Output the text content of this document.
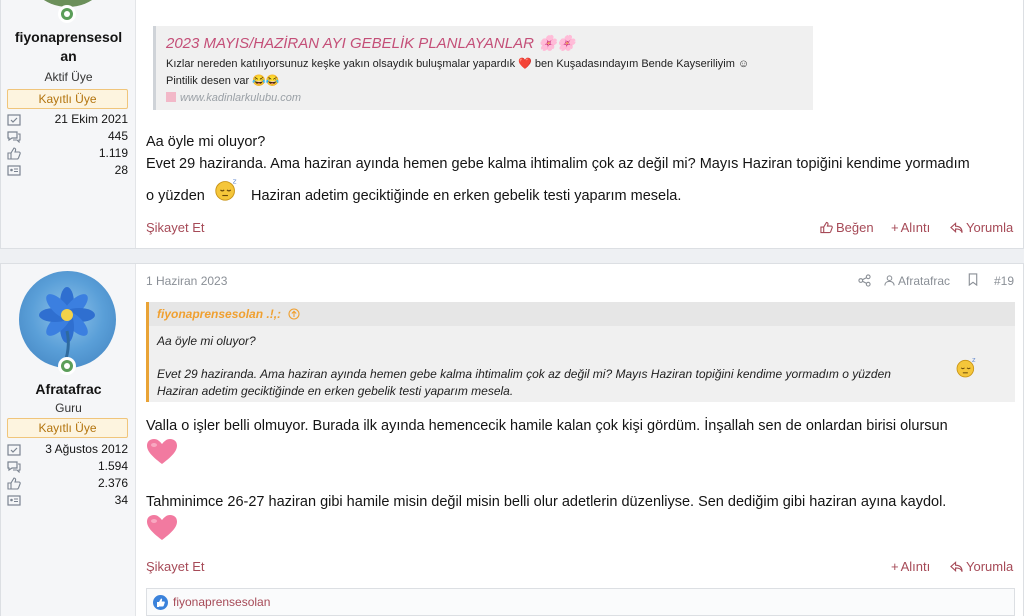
fiyonaprensesol
an
Aktif Üye
Kayıtlı Üye
21 Ekim 2021
445
1.119
28
2023 MAYIS/HAZİRAN AYI GEBELİK PLANLAYANLAR 🌸🌸
Kızlar nereden katılıyorsunuz keşke yakın olsaydık buluşmalar yapardık ❤️ ben Kuşadasındayım Bende Kayseriliyim ☺
Pintilik desen var 😂😂
www.kadinlarkulubu.com
Aa öyle mi oluyor?
Evet 29 haziranda. Ama haziran ayında hemen gebe kalma ihtimalim çok az değil mi? Mayıs Haziran topiğini kendime yormadım
o yüzden
z
Haziran adetim geciktiğinde en erken gebelik testi yaparım mesela.
Şikayet Et	Beğen + Alıntı	Yorumla
Afratafrac
Guru
Kayıtlı Üye
3 Ağustos 2012
1.594
2.376
34
1 Haziran 2023	Afratafrac	#19
fiyonaprensesolan .!,:
Aa öyle mi oluyor?
Evet 29 haziranda. Ama haziran ayında hemen gebe kalma ihtimalim çok az değil mi? Mayıs Haziran topiğini kendime yormadım o yüzden
Haziran adetim geciktiğinde en erken gebelik testi yaparım mesela.
z
Valla o işler belli olmuyor. Burada ilk ayında hemencecik hamile kalan çok kişi gördüm. İnşallah sen de onlardan birisi olursun
Tahminimce 26-27 haziran gibi hamile misin değil misin belli olur adetlerin düzenliyse. Sen dediğim gibi haziran ayına kaydol.
Şikayet Et	+ Alıntı	Yorumla
fiyonaprensesolan
